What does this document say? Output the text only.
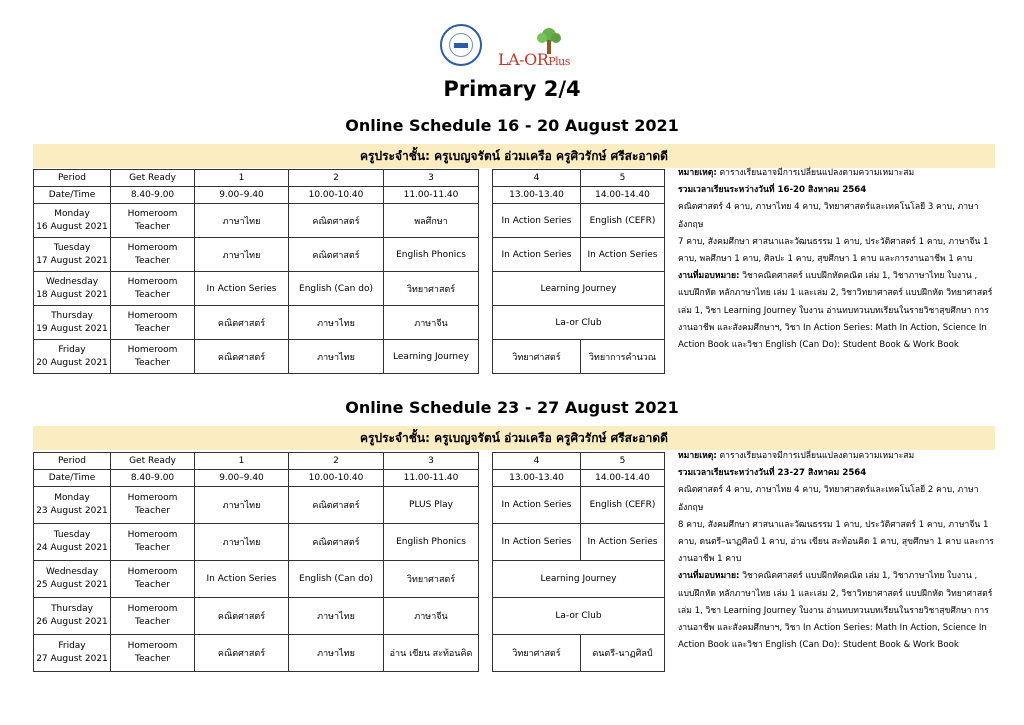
LA-ORPlus
Primary 2/4
Online Schedule 16 - 20 August 2021
ครูประจำชั้น: ครูเบญจรัตน์ อ่วมเครือ ครูศิวรักษ์ ศรีสะอาดดี
Period	Get Ready	1	2	3		4	5
Date/Time	8.40-9.00	9.00–9.40	10.00-10.40	11.00-11.40		13.00-13.40	14.00-14.40

Monday
16 August 2021	Homeroom
Teacher	ภาษาไทย	คณิตศาสตร์	พลศึกษา		In Action Series	English (CEFR)

Tuesday
17 August 2021	Homeroom
Teacher	ภาษาไทย	คณิตศาสตร์	English Phonics		In Action Series	In Action Series

Wednesday
18 August 2021	Homeroom
Teacher	In Action Series	English (Can do)	วิทยาศาสตร์		Learning Journey	

Thursday
19 August 2021	Homeroom
Teacher	คณิตศาสตร์	ภาษาไทย	ภาษาจีน		La-or Club	

Friday
20 August 2021	Homeroom
Teacher	คณิตศาสตร์	ภาษาไทย	Learning Journey		วิทยาศาสตร์	วิทยาการคำนวณ

หมายเหตุ: ตารางเรียนอาจมีการเปลี่ยนแปลงตามความเหมาะสม

รวมเวลาเรียนระหว่างวันที่ 16-20 สิงหาคม 2564

คณิตศาสตร์ 4 คาบ, ภาษาไทย 4 คาบ, วิทยาศาสตร์และเทคโนโลยี 3 คาบ, ภาษาอังกฤษ

7 คาบ, สังคมศึกษา ศาสนาและวัฒนธรรม 1 คาบ, ประวัติศาสตร์ 1 คาบ, ภาษาจีน 1

คาบ, พลศึกษา 1 คาบ, ศิลปะ 1 คาบ, สุขศึกษา 1 คาบ และการงานอาชีพ 1 คาบ

งานที่มอบหมาย: วิชาคณิตศาสตร์ แบบฝึกหัดคณิต เล่ม 1, วิชาภาษาไทย ใบงาน ,

แบบฝึกหัด หลักภาษาไทย เล่ม 1 และเล่ม 2, วิชาวิทยาศาสตร์ แบบฝึกหัด วิทยาศาสตร์

เล่ม 1, วิชา Learning Journey ใบงาน อ่านทบทวนบทเรียนในรายวิชาสุขศึกษา การ

งานอาชีพ และสังคมศึกษาฯ, วิชา In Action Series: Math In Action, Science In

Action Book และวิชา English (Can Do): Student Book & Work Book

Online Schedule 23 - 27 August 2021
ครูประจำชั้น: ครูเบญจรัตน์ อ่วมเครือ ครูศิวรักษ์ ศรีสะอาดดี
Period	Get Ready	1	2	3		4	5
Date/Time	8.40-9.00	9.00–9.40	10.00-10.40	11.00-11.40		13.00-13.40	14.00-14.40

Monday
23 August 2021	Homeroom
Teacher	ภาษาไทย	คณิตศาสตร์	PLUS Play		In Action Series	English (CEFR)

Tuesday
24 August 2021	Homeroom
Teacher	ภาษาไทย	คณิตศาสตร์	English Phonics		In Action Series	In Action Series

Wednesday
25 August 2021	Homeroom
Teacher	In Action Series	English (Can do)	วิทยาศาสตร์		Learning Journey	

Thursday
26 August 2021	Homeroom
Teacher	คณิตศาสตร์	ภาษาไทย	ภาษาจีน		La-or Club	

Friday
27 August 2021	Homeroom
Teacher	คณิตศาสตร์	ภาษาไทย	อ่าน เขียน สะท้อนคิด		วิทยาศาสตร์	ดนตรี-นาฏศิลป์

หมายเหตุ: ตารางเรียนอาจมีการเปลี่ยนแปลงตามความเหมาะสม

รวมเวลาเรียนระหว่างวันที่ 23-27 สิงหาคม 2564

คณิตศาสตร์ 4 คาบ, ภาษาไทย 4 คาบ, วิทยาศาสตร์และเทคโนโลยี 2 คาบ, ภาษาอังกฤษ

8 คาบ, สังคมศึกษา ศาสนาและวัฒนธรรม 1 คาบ, ประวัติศาสตร์ 1 คาบ, ภาษาจีน 1

คาบ, ดนตรี–นาฏศิลป์ 1 คาบ, อ่าน เขียน สะท้อนคิด 1 คาบ, สุขศึกษา 1 คาบ และการ

งานอาชีพ 1 คาบ

งานที่มอบหมาย: วิชาคณิตศาสตร์ แบบฝึกหัดคณิต เล่ม 1, วิชาภาษาไทย ใบงาน ,

แบบฝึกหัด หลักภาษาไทย เล่ม 1 และเล่ม 2, วิชาวิทยาศาสตร์ แบบฝึกหัด วิทยาศาสตร์

เล่ม 1, วิชา Learning Journey ใบงาน อ่านทบทวนบทเรียนในรายวิชาสุขศึกษา การ

งานอาชีพ และสังคมศึกษาฯ, วิชา In Action Series: Math In Action, Science In

Action Book และวิชา English (Can Do): Student Book & Work Book
